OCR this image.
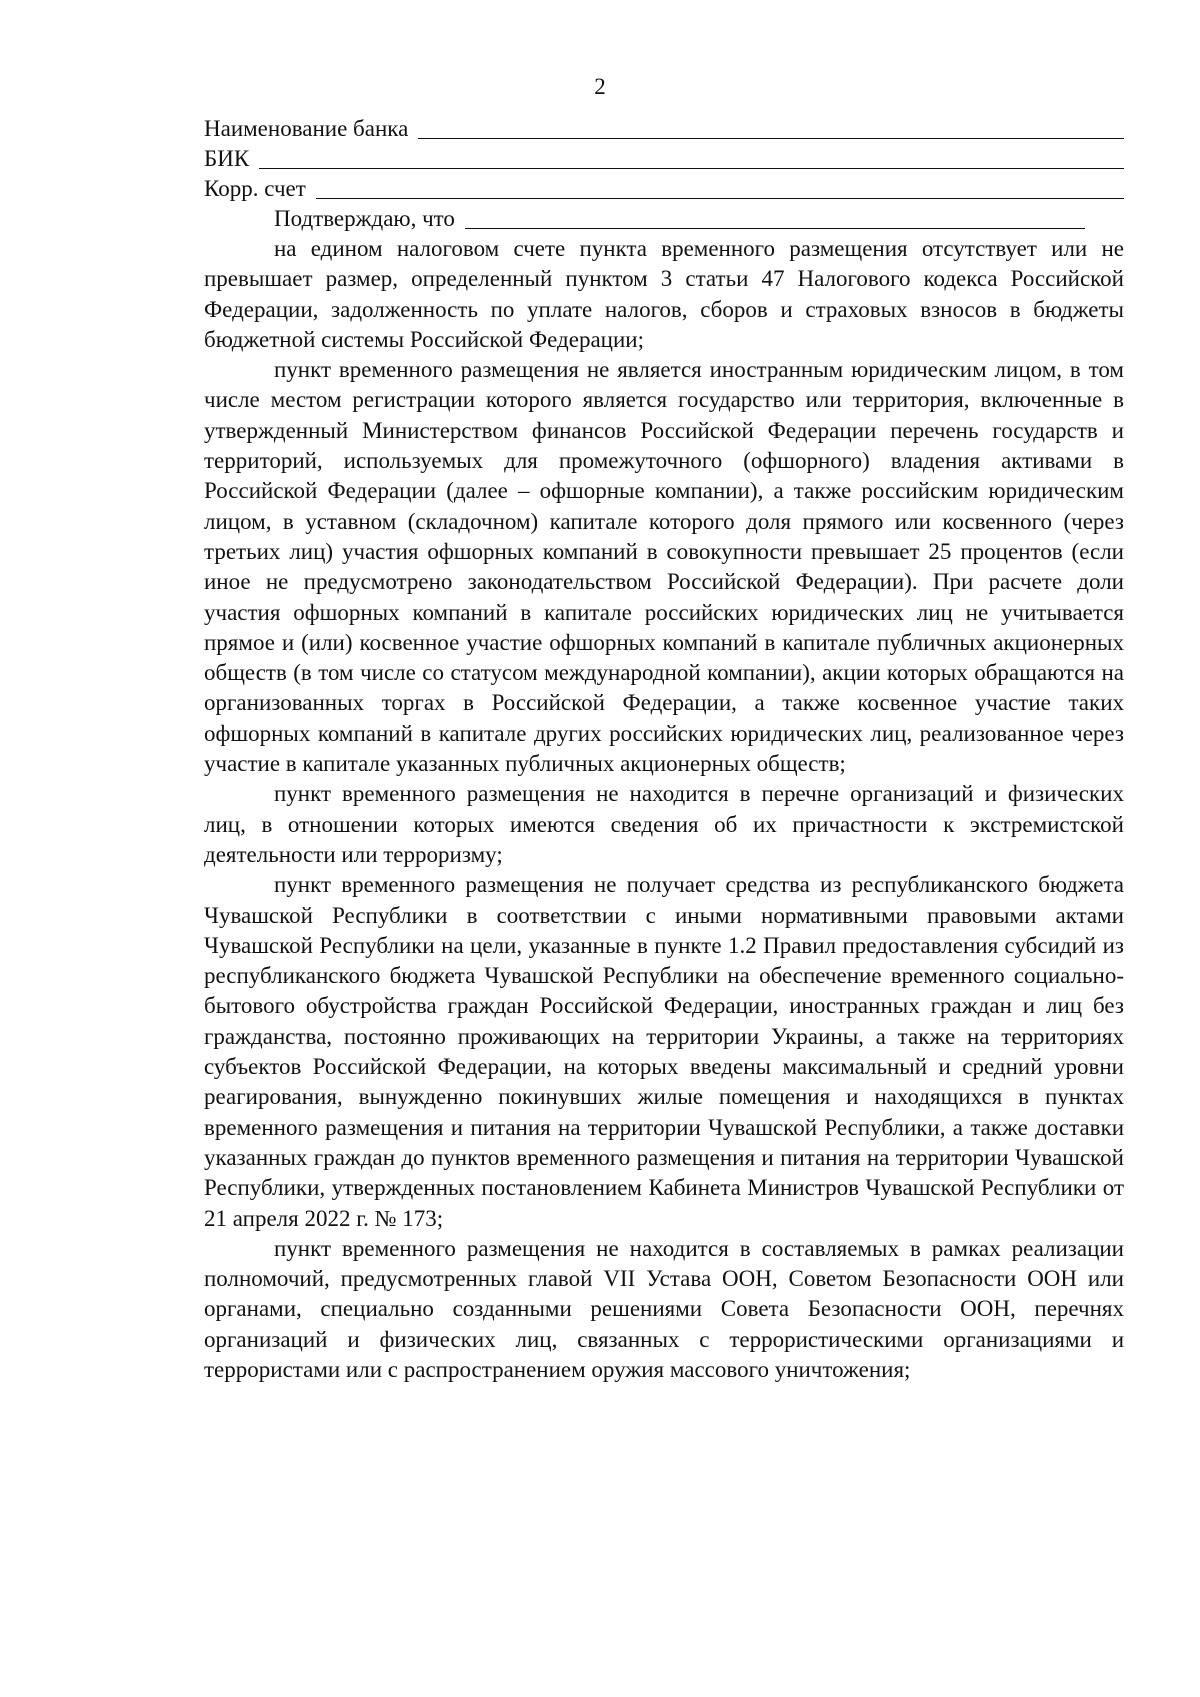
2
Наименование банка
БИК
Корр. счет
Подтверждаю, что

на едином налоговом счете пункта временного размещения отсутствует или не превышает размер, определенный пунктом 3 статьи 47 Налогового кодекса Российской Федерации, задолженность по уплате налогов, сборов и страховых взносов в бюджеты бюджетной системы Российской Федерации;

пункт временного размещения не является иностранным юридическим лицом, в том числе местом регистрации которого является государство или территория, включенные в утвержденный Министерством финансов Российской Федерации перечень государств и территорий, используемых для промежуточного (офшорного) владения активами в Российской Федерации (далее – офшорные компании), а также российским юридическим лицом, в уставном (складочном) капитале которого доля прямого или косвенного (через третьих лиц) участия офшорных компаний в совокупности превышает 25 процентов (если иное не предусмотрено законодательством Российской Федерации). При расчете доли участия офшорных компаний в капитале российских юридических лиц не учитывается прямое и (или) косвенное участие офшорных компаний в капитале публичных акционерных обществ (в том числе со статусом международной компании), акции которых обращаются на организованных торгах в Российской Федерации, а также косвенное участие таких офшорных компаний в капитале других российских юридических лиц, реализованное через участие в капитале указанных публичных акционерных обществ;

пункт временного размещения не находится в перечне организаций и физических лиц, в отношении которых имеются сведения об их причастности к экстремистской деятельности или терроризму;

пункт временного размещения не получает средства из республиканского бюджета Чувашской Республики в соответствии с иными нормативными правовыми актами Чувашской Республики на цели, указанные в пункте 1.2 Правил предоставления субсидий из республиканского бюджета Чувашской Республики на обеспечение временного социально-бытового обустройства граждан Российской Федерации, иностранных граждан и лиц без гражданства, постоянно проживающих на территории Украины, а также на территориях субъектов Российской Федерации, на которых введены максимальный и средний уровни реагирования, вынужденно покинувших жилые помещения и находящихся в пунктах временного размещения и питания на территории Чувашской Республики, а также доставки указанных граждан до пунктов временного размещения и питания на территории Чувашской Республики, утвержденных постановлением Кабинета Министров Чувашской Республики от 21 апреля 2022 г. № 173;

пункт временного размещения не находится в составляемых в рамках реализации полномочий, предусмотренных главой VII Устава ООН, Советом Безопасности ООН или органами, специально созданными решениями Совета Безопасности ООН, перечнях организаций и физических лиц, связанных с террористическими организациями и террористами или с распространением оружия массового уничтожения;
